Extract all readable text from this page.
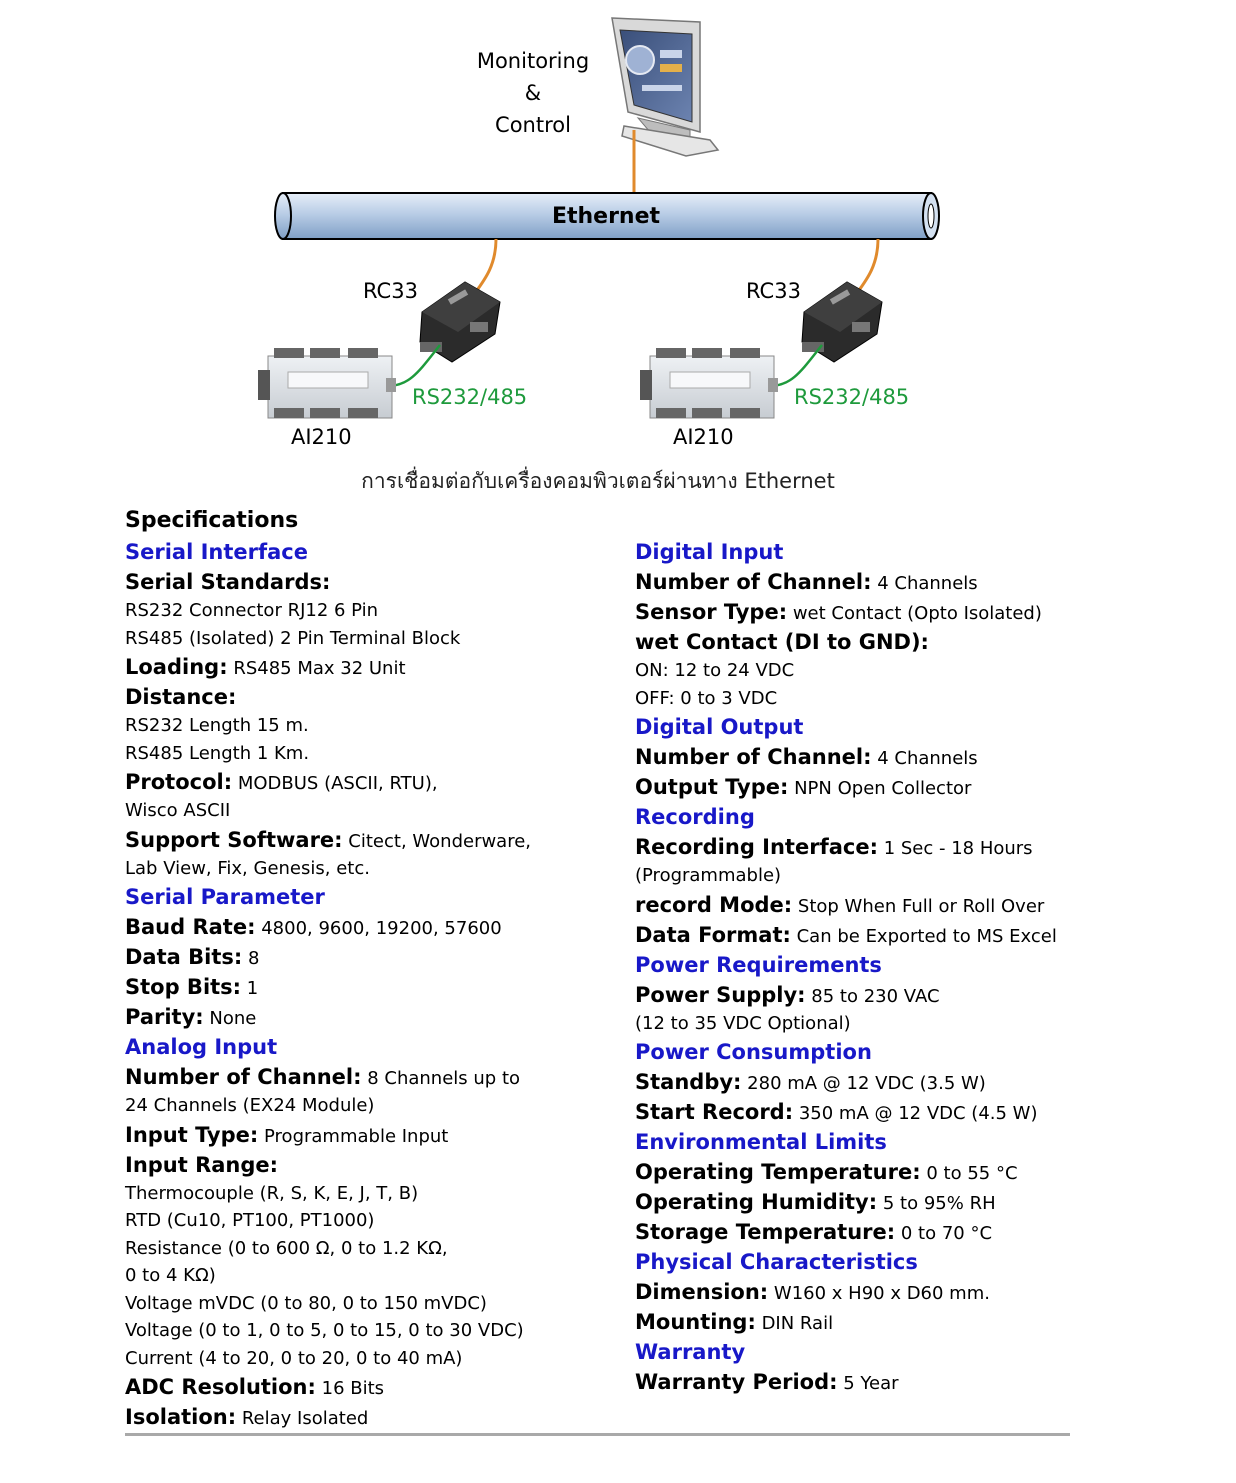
Ethernet
Monitoring
&
Control
RC33	RC33
RS232/485	RS232/485
AI210	AI210
การเชื่อมต่อกับเครื่องคอมพิวเตอร์ผ่านทาง Ethernet
Specifications
Serial Interface
Serial Standards:
RS232 Connector RJ12 6 Pin
RS485 (Isolated) 2 Pin Terminal Block
Loading: RS485 Max 32 Unit
Distance:
RS232 Length 15 m.
RS485 Length 1 Km.
Protocol: MODBUS (ASCII, RTU),
Wisco ASCII
Support Software: Citect, Wonderware,
Lab View, Fix, Genesis, etc.
Serial Parameter
Baud Rate: 4800, 9600, 19200, 57600
Data Bits: 8
Stop Bits: 1
Parity: None
Analog Input
Number of Channel: 8 Channels up to
24 Channels (EX24 Module)
Input Type: Programmable Input
Input Range:
Thermocouple (R, S, K, E, J, T, B)
RTD (Cu10, PT100, PT1000)
Resistance (0 to 600 Ω, 0 to 1.2 KΩ,
0 to 4 KΩ)
Voltage mVDC (0 to 80, 0 to 150 mVDC)
Voltage (0 to 1, 0 to 5, 0 to 15, 0 to 30 VDC)
Current (4 to 20, 0 to 20, 0 to 40 mA)
ADC Resolution: 16 Bits
Isolation: Relay Isolated
Digital Input
Number of Channel: 4 Channels
Sensor Type: wet Contact (Opto Isolated)
wet Contact (DI to GND):
ON: 12 to 24 VDC
OFF: 0 to 3 VDC
Digital Output
Number of Channel: 4 Channels
Output Type: NPN Open Collector
Recording
Recording Interface: 1 Sec - 18 Hours
(Programmable)
record Mode: Stop When Full or Roll Over
Data Format: Can be Exported to MS Excel
Power Requirements
Power Supply: 85 to 230 VAC
(12 to 35 VDC Optional)
Power Consumption
Standby: 280 mA @ 12 VDC (3.5 W)
Start Record: 350 mA @ 12 VDC (4.5 W)
Environmental Limits
Operating Temperature: 0 to 55 °C
Operating Humidity: 5 to 95% RH
Storage Temperature: 0 to 70 °C
Physical Characteristics
Dimension: W160 x H90 x D60 mm.
Mounting: DIN Rail
Warranty
Warranty Period: 5 Year
